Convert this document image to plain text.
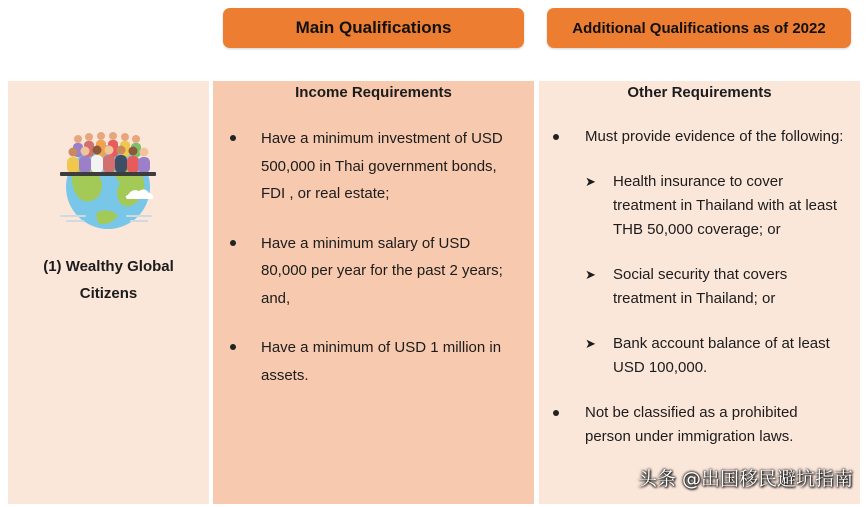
Main Qualifications	Additional Qualifications as of 2022
(1) Wealthy Global
Citizens
Income Requirements
Have a minimum investment of USD 500,000 in Thai government bonds, FDI , or real estate;
Have a minimum salary of USD 80,000 per year for the past 2 years; and,
Have a minimum of USD 1 million in assets.
Other Requirements
Must provide evidence of the following:
➤ Health insurance to cover treatment in Thailand with at least THB 50,000 coverage; or
➤ Social security that covers treatment in Thailand; or
➤ Bank account balance of at least USD 100,000.
Not be classified as a prohibited person under immigration laws.
头条 @出国移民避坑指南
